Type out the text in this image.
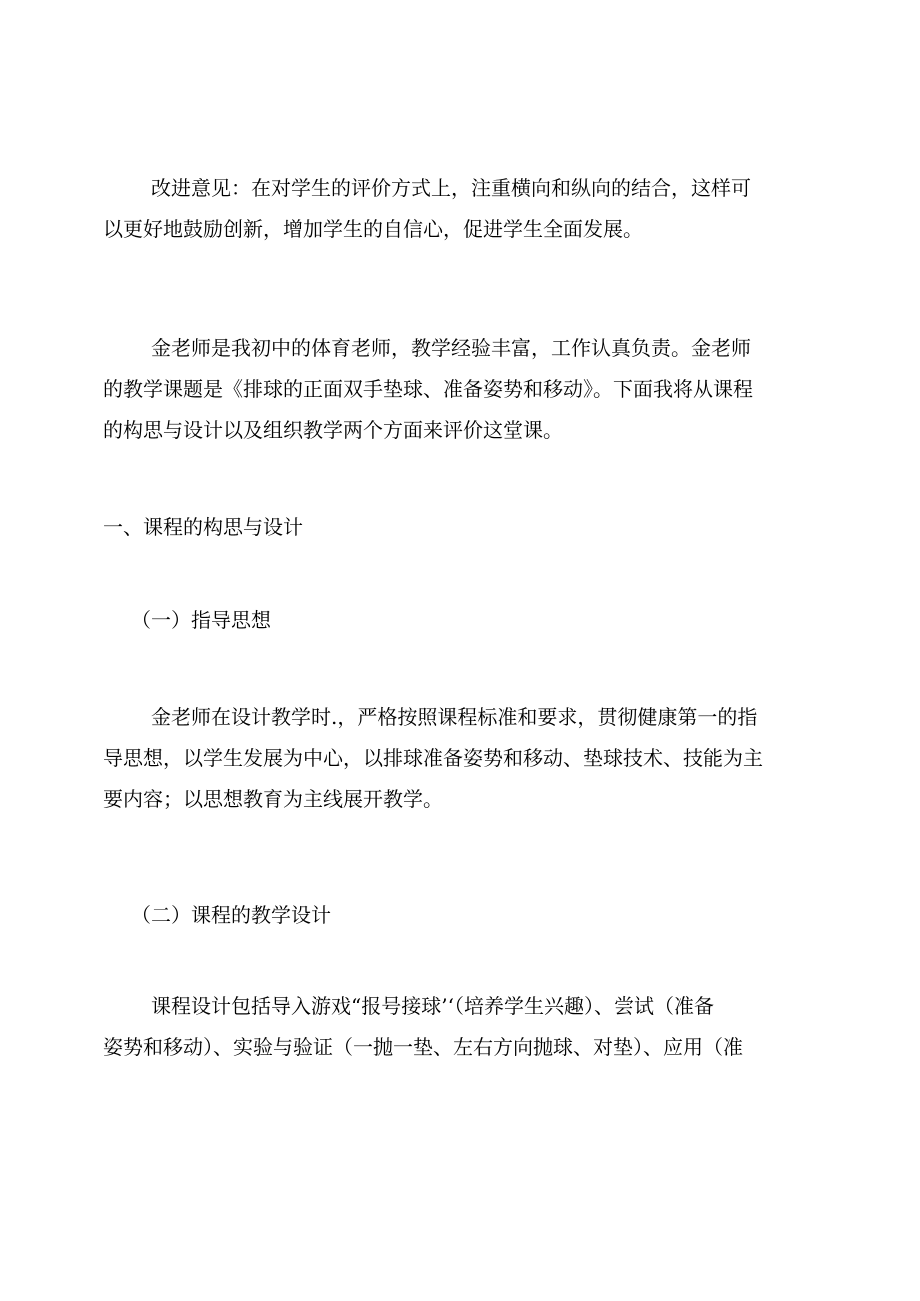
改进意见：在对学生的评价方式上，注重横向和纵向的结合，这样可
以更好地鼓励创新，增加学生的自信心，促进学生全面发展。
金老师是我初中的体育老师，教学经验丰富，工作认真负责。金老师
的教学课题是《排球的正面双手垫球、准备姿势和移动》。下面我将从课程
的构思与设计以及组织教学两个方面来评价这堂课。
一、课程的构思与设计
（一）指导思想
金老师在设计教学时.，严格按照课程标准和要求，贯彻健康第一的指
导思想，以学生发展为中心，以排球准备姿势和移动、垫球技术、技能为主
要内容；以思想教育为主线展开教学。
（二）课程的教学设计
课程设计包括导入游戏“报号接球’‘（培养学生兴趣）、尝试（准备
姿势和移动）、实验与验证（一抛一垫、左右方向抛球、对垫）、应用（准
